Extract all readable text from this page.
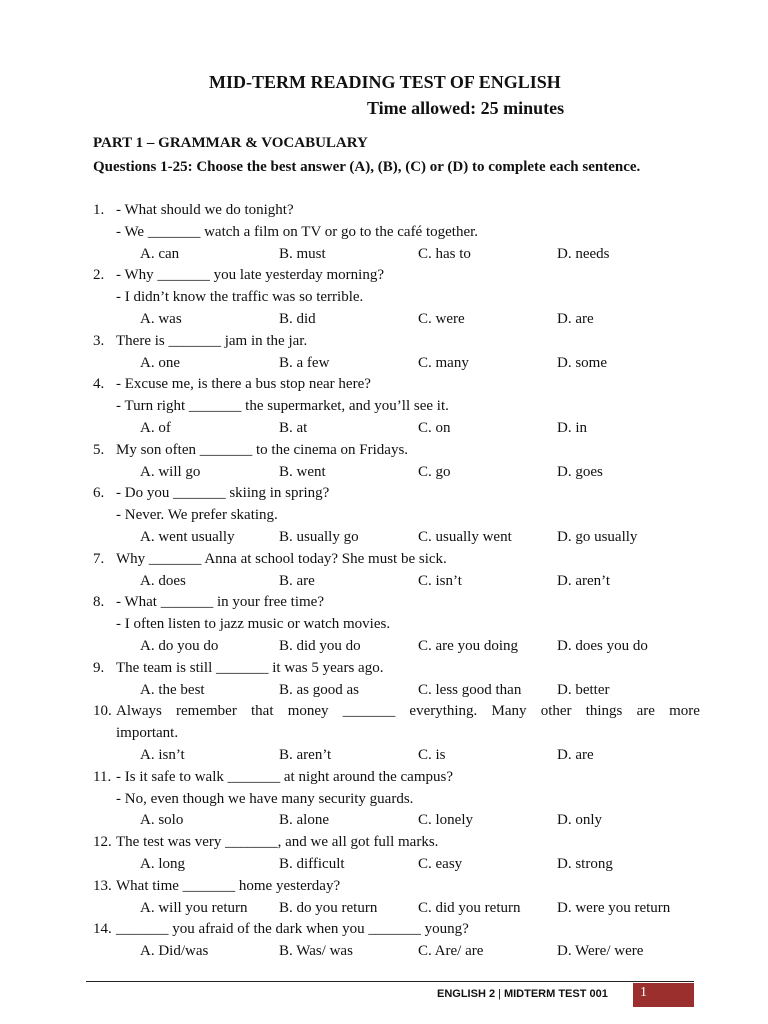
MID-TERM READING TEST OF ENGLISH
Time allowed: 25 minutes
PART 1 – GRAMMAR & VOCABULARY
Questions 1-25: Choose the best answer (A), (B), (C) or (D) to complete each sentence.
1. - What should we do tonight?
- We _______ watch a film on TV or go to the café together.
A. can	B. must	C. has to	D. needs
2. - Why _______ you late yesterday morning?
- I didn’t know the traffic was so terrible.
A. was	B. did	C. were	D. are
3. There is _______ jam in the jar.
A. one	B. a few	C. many	D. some
4. - Excuse me, is there a bus stop near here?
- Turn right _______ the supermarket, and you’ll see it.
A. of	B. at	C. on	D. in
5. My son often _______ to the cinema on Fridays.
A. will go	B. went	C. go	D. goes
6. - Do you _______ skiing in spring?
- Never. We prefer skating.
A. went usually	B. usually go	C. usually went	D. go usually
7. Why _______ Anna at school today? She must be sick.
A. does	B. are	C. isn’t	D. aren’t
8. - What _______ in your free time?
- I often listen to jazz music or watch movies.
A. do you do	B. did you do	C. are you doing	D. does you do
9. The team is still _______ it was 5 years ago.
A. the best	B. as good as	C. less good than D. better
10. Always remember that money _______ everything. Many other things are more
important.
A. isn’t	B. aren’t	C. is	D. are
11. - Is it safe to walk _______ at night around the campus?
- No, even though we have many security guards.
A. solo	B. alone	C. lonely	D. only
12. The test was very _______, and we all got full marks.
A. long	B. difficult	C. easy	D. strong
13. What time _______ home yesterday?
A. will you return B. do you return	C. did you return D. were you return
14. _______ you afraid of the dark when you _______ young?
A. Did/was	B. Was/ was	C. Are/ are	D. Were/ were
ENGLISH 2 | MIDTERM TEST 001 1
